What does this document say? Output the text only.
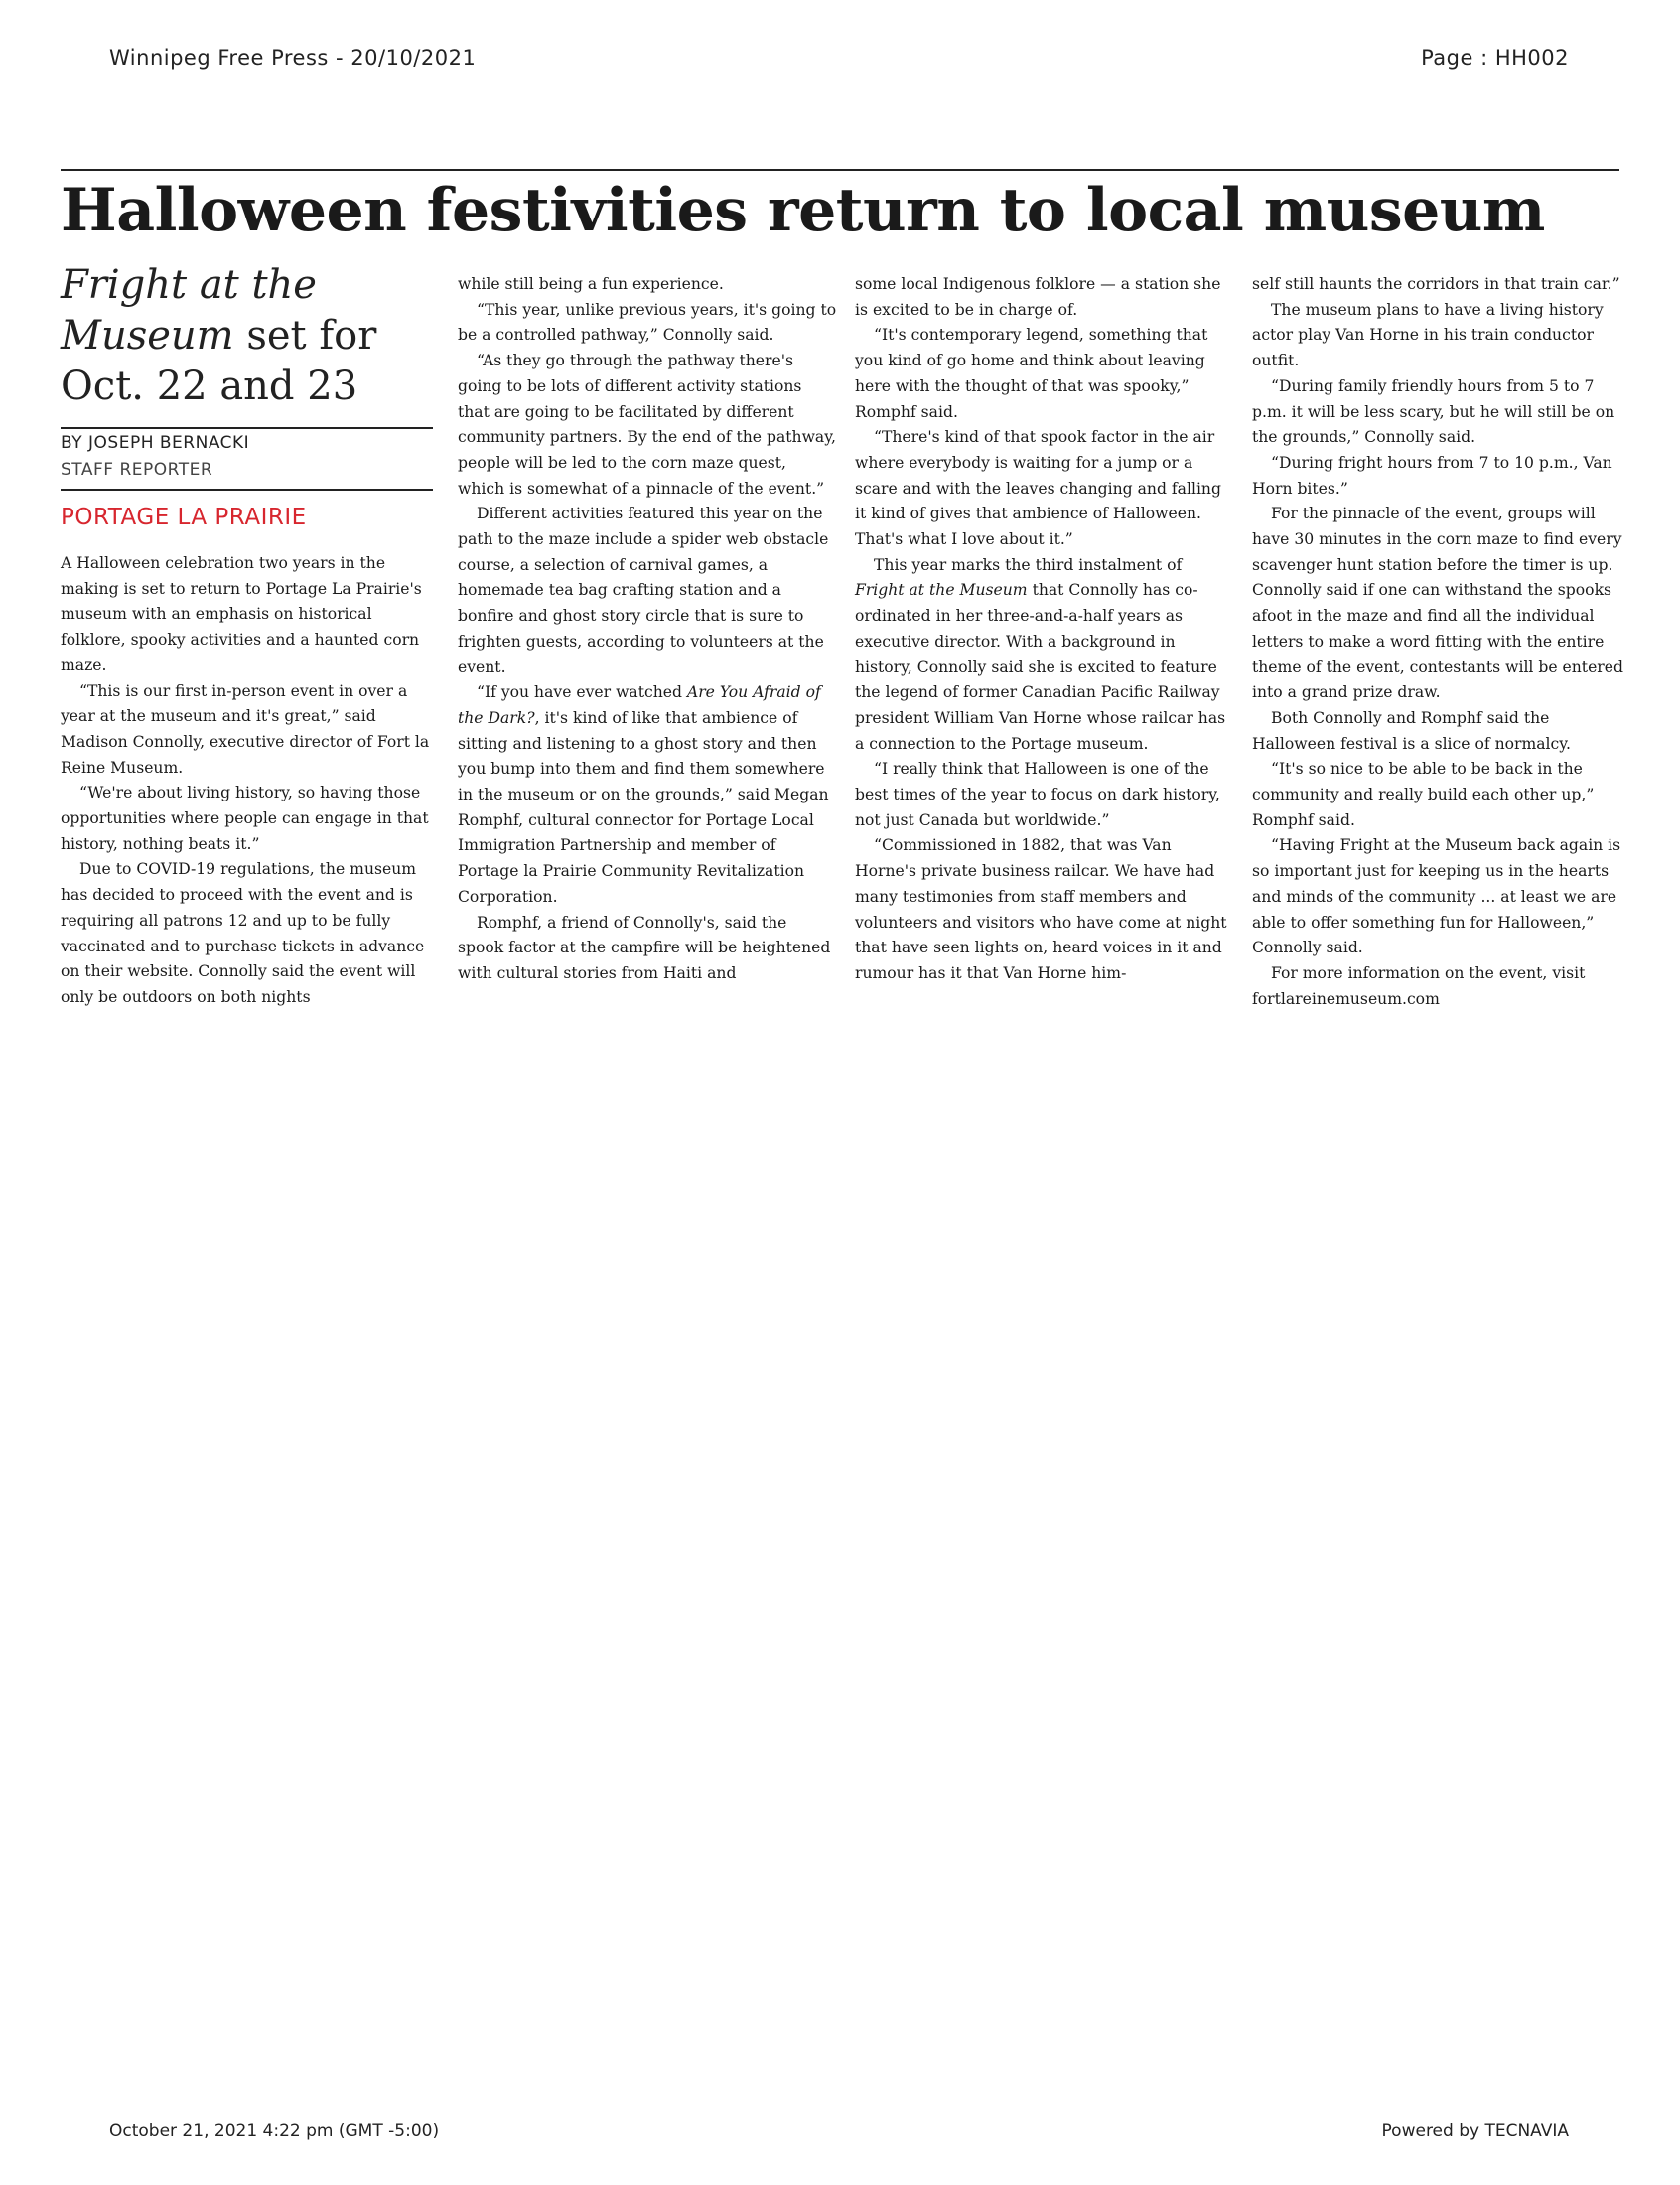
Winnipeg Free Press - 20/10/2021	Page : HH002
Halloween festivities return to local museum
Fright at the Museum set for Oct. 22 and 23
BY JOSEPH BERNACKI
STAFF REPORTER
PORTAGE LA PRAIRIE

A Halloween celebration two years in the making is set to return to Portage La Prairie's museum with an emphasis on historical folklore, spooky activities and a haunted corn maze.

“This is our first in-person event in over a year at the museum and it's great,” said Madison Connolly, executive director of Fort la Reine Museum.

“We're about living history, so having those opportunities where people can engage in that history, nothing beats it.”

Due to COVID-19 regulations, the museum has decided to proceed with the event and is requiring all patrons 12 and up to be fully vaccinated and to purchase tickets in advance on their website. Connolly said the event will only be outdoors on both nights

while still being a fun experience.

“This year, unlike previous years, it's going to be a controlled pathway,” Connolly said.

“As they go through the pathway there's going to be lots of different activity stations that are going to be facilitated by different community partners. By the end of the pathway, people will be led to the corn maze quest, which is somewhat of a pinnacle of the event.”

Different activities featured this year on the path to the maze include a spider web obstacle course, a selection of carnival games, a homemade tea bag crafting station and a bonfire and ghost story circle that is sure to frighten guests, according to volunteers at the event.

“If you have ever watched Are You Afraid of the Dark?, it's kind of like that ambience of sitting and listening to a ghost story and then you bump into them and find them somewhere in the museum or on the grounds,” said Megan Romphf, cultural connector for Portage Local Immigration Partnership and member of Portage la Prairie Community Revitalization Corporation.

Romphf, a friend of Connolly's, said the spook factor at the campfire will be heightened with cultural stories from Haiti and

some local Indigenous folklore — a station she is excited to be in charge of.

“It's contemporary legend, something that you kind of go home and think about leaving here with the thought of that was spooky,” Romphf said.

“There's kind of that spook factor in the air where everybody is waiting for a jump or a scare and with the leaves changing and falling it kind of gives that ambience of Halloween. That's what I love about it.”

This year marks the third instalment of Fright at the Museum that Connolly has co-ordinated in her three-and-a-half years as executive director. With a background in history, Connolly said she is excited to feature the legend of former Canadian Pacific Railway president William Van Horne whose railcar has a connection to the Portage museum.

“I really think that Halloween is one of the best times of the year to focus on dark history, not just Canada but worldwide.”

“Commissioned in 1882, that was Van Horne's private business railcar. We have had many testimonies from staff members and volunteers and visitors who have come at night that have seen lights on, heard voices in it and rumour has it that Van Horne him-

self still haunts the corridors in that train car.”

The museum plans to have a living history actor play Van Horne in his train conductor outfit.

“During family friendly hours from 5 to 7 p.m. it will be less scary, but he will still be on the grounds,” Connolly said.

“During fright hours from 7 to 10 p.m., Van Horn bites.”

For the pinnacle of the event, groups will have 30 minutes in the corn maze to find every scavenger hunt station before the timer is up. Connolly said if one can withstand the spooks afoot in the maze and find all the individual letters to make a word fitting with the entire theme of the event, contestants will be entered into a grand prize draw.

Both Connolly and Romphf said the Halloween festival is a slice of normalcy.

“It's so nice to be able to be back in the community and really build each other up,” Romphf said.

“Having Fright at the Museum back again is so important just for keeping us in the hearts and minds of the community ... at least we are able to offer something fun for Halloween,” Connolly said.

For more information on the event, visit fortlareinemuseum.com

October 21, 2021 4:22 pm (GMT -5:00)	Powered by TECNAVIA
